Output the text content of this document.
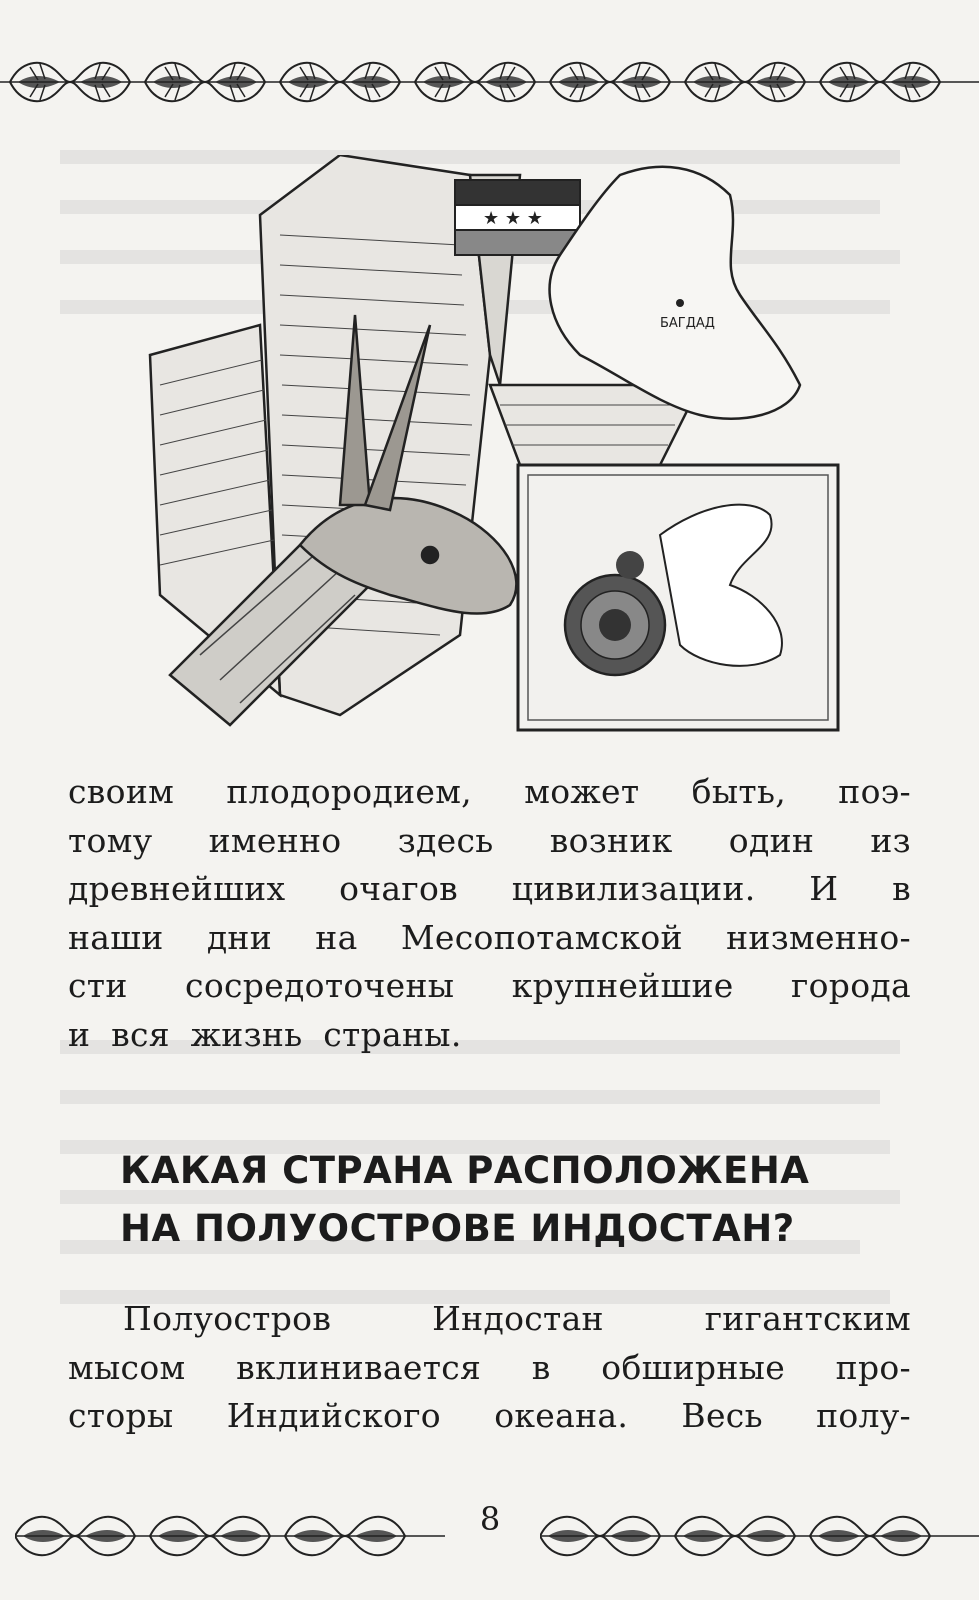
★ ★ ★
БАГДАД

своим плодородием, может быть, поэ-

тому именно здесь возник один из

древнейших очагов цивилизации. И в

наши дни на Месопотамской низменно-

сти сосредоточены крупнейшие города

и вся жизнь страны.

КАКАЯ СТРАНА РАСПОЛОЖЕНА
НА ПОЛУОСТРОВЕ ИНДОСТАН?

Полуостров Индостан гигантским

мысом вклинивается в обширные про-

сторы Индийского океана. Весь полу-

8
